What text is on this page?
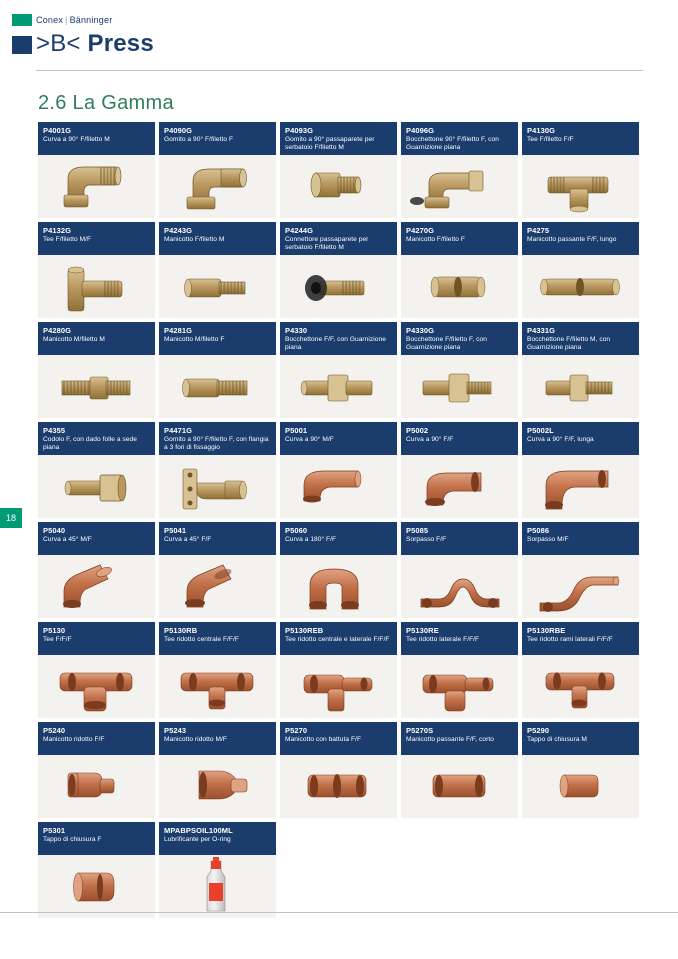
Conex | Bänninger
>B< Press
2.6 La Gamma
18
P4001G
Curva a 90° F/filetto M
P4090G
Gomito a 90° F/filetto F
P4093G
Gomito a 90° passaparete per serbatoio F/filetto M
P4096G
Bocchettone 90° F/filetto F, con Guarnizione piana
P4130G
Tee F/filetto F/F
P4132G
Tee F/filetto M/F
P4243G
Manicotto F/filetto M
P4244G
Connettore passaparete per serbatoio F/filetto M
P4270G
Manicotto F/filetto F
P4275
Manicotto passante F/F, lungo
P4280G
Manicotto M/filetto M
P4281G
Manicotto M/filetto F
P4330
Bocchettone F/F, con Guarnizione piana
P4330G
Bocchettone F/filetto F, con Guarnizione piana
P4331G
Bocchettone F/filetto M, con Guarnizione piana
P4355
Codolo F, con dado folle a sede piana
P4471G
Gomito a 90° F/filetto F, con flangia a 3 fori di fissaggio
P5001
Curva a 90° M/F
P5002
Curva a 90° F/F
P5002L
Curva a 90° F/F, lunga
P5040
Curva a 45° M/F
P5041
Curva a 45° F/F
P5060
Curva a 180° F/F
P5085
Sorpasso F/F
P5086
Sorpasso M/F
P5130
Tee F/F/F
P5130RB
Tee ridotto centrale F/F/F
P5130REB
Tee ridotto centrale e laterale F/F/F
P5130RE
Tee ridotto laterale F/F/F
P5130RBE
Tee ridotto rami laterali F/F/F
P5240
Manicotto ridotto F/F
P5243
Manicotto ridotto M/F
P5270
Manicotto con battuta F/F
P5270S
Manicotto passante F/F, corto
P5290
Tappo di chiusura M
P5301
Tappo di chiusura F
MPABPSOIL100ML
Lubrificante per O-ring
